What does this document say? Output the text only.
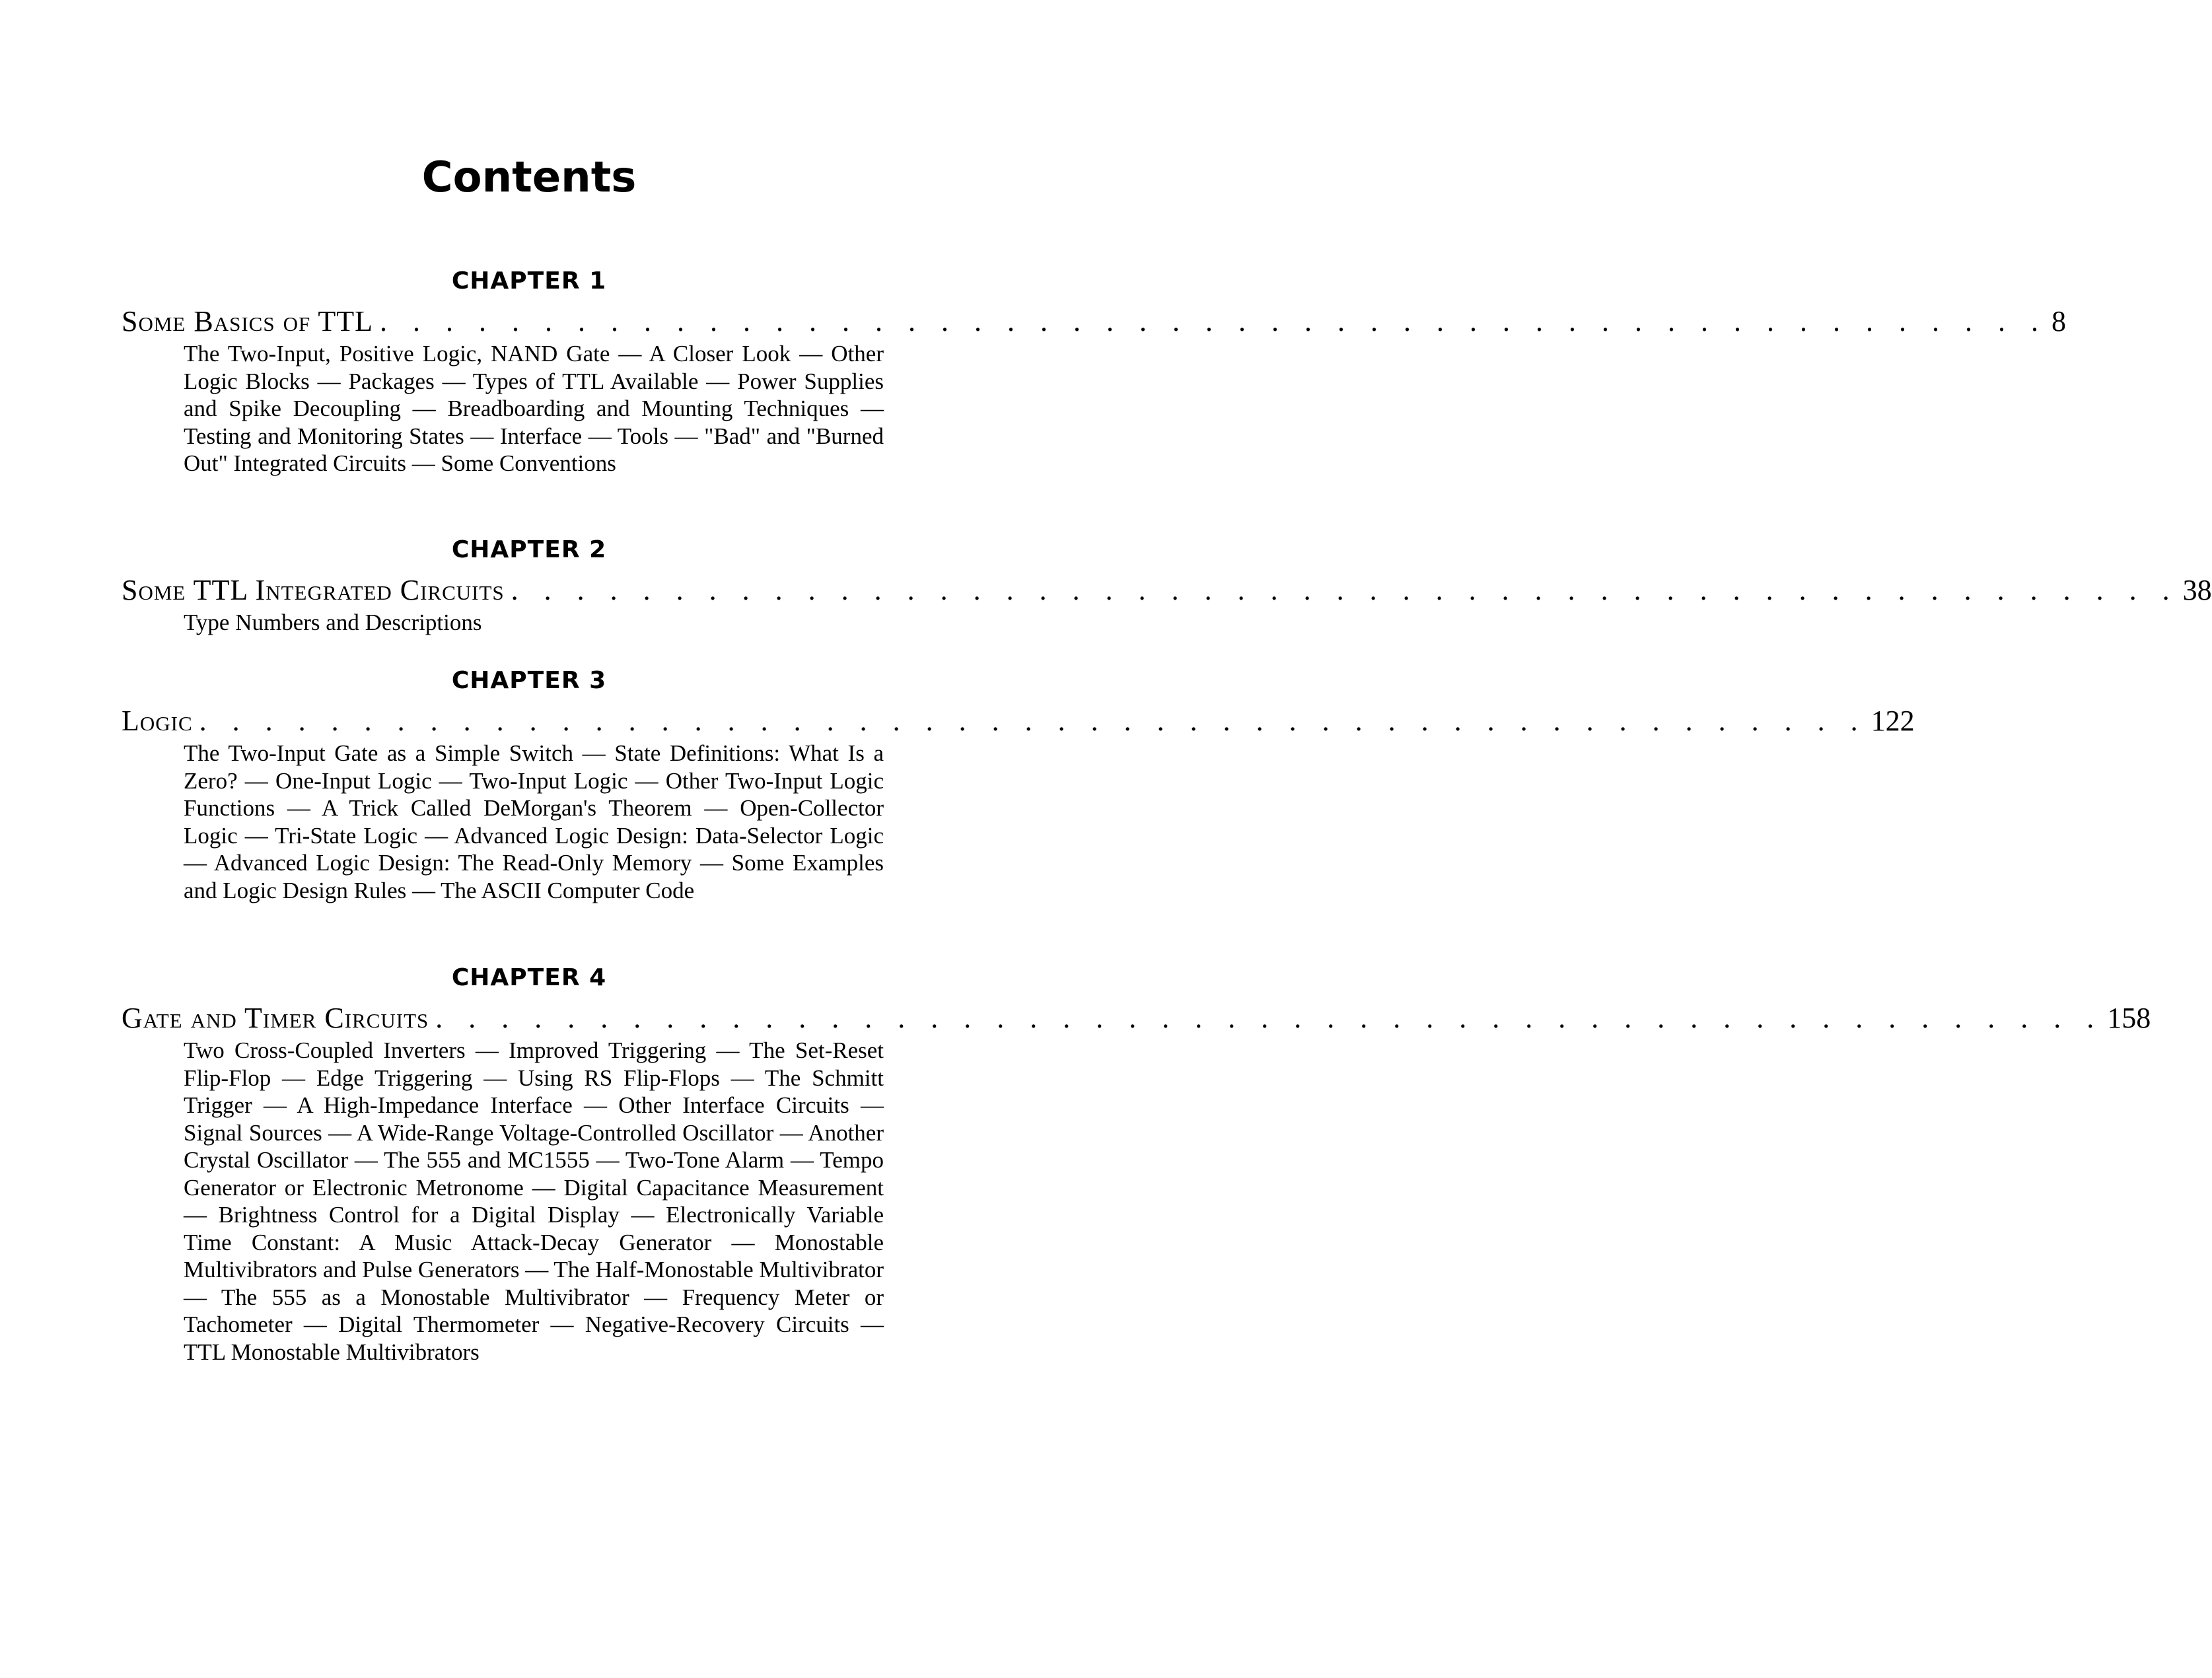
Contents
CHAPTER 1
Some Basics of TTL . . . . . . . . . . . . . . . . . . . . . . . . . . . . . . . . . . . . . . . . . . . . . . . . . . . 8

The Two-Input, Positive Logic, NAND Gate — A Closer Look — Other Logic Blocks — Packages — Types of TTL Available — Power Supplies and Spike Decoupling — Breadboarding and Mounting Techniques — Testing and Monitoring States — Interface — Tools — "Bad" and "Burned Out" Integrated Circuits — Some Conventions

CHAPTER 2
Some TTL Integrated Circuits . . . . . . . . . . . . . . . . . . . . . . . . . . . . . . . . . . . . . . . . . . . . . . . . . . . 38

Type Numbers and Descriptions

CHAPTER 3
Logic . . . . . . . . . . . . . . . . . . . . . . . . . . . . . . . . . . . . . . . . . . . . . . . . . . . 122

The Two-Input Gate as a Simple Switch — State Definitions: What Is a Zero? — One-Input Logic — Two-Input Logic — Other Two-Input Logic Functions — A Trick Called DeMorgan's Theorem — Open-Collector Logic — Tri-State Logic — Advanced Logic Design: Data-Selector Logic — Advanced Logic Design: The Read-Only Memory — Some Examples and Logic Design Rules — The ASCII Computer Code

CHAPTER 4
Gate and Timer Circuits . . . . . . . . . . . . . . . . . . . . . . . . . . . . . . . . . . . . . . . . . . . . . . . . . . . 158

Two Cross-Coupled Inverters — Improved Triggering — The Set-Reset Flip-Flop — Edge Triggering — Using RS Flip-Flops — The Schmitt Trigger — A High-Impedance Interface — Other Interface Circuits — Signal Sources — A Wide-Range Voltage-Controlled Oscillator — Another Crystal Oscillator — The 555 and MC1555 — Two-Tone Alarm — Tempo Generator or Electronic Metronome — Digital Capacitance Measurement — Brightness Control for a Digital Display — Electronically Variable Time Constant: A Music Attack-Decay Generator — Monostable Multivibrators and Pulse Generators — The Half-Monostable Multivibrator — The 555 as a Monostable Multivibrator — Frequency Meter or Tachometer — Digital Thermometer — Negative-Recovery Circuits — TTL Monostable Multivibrators
